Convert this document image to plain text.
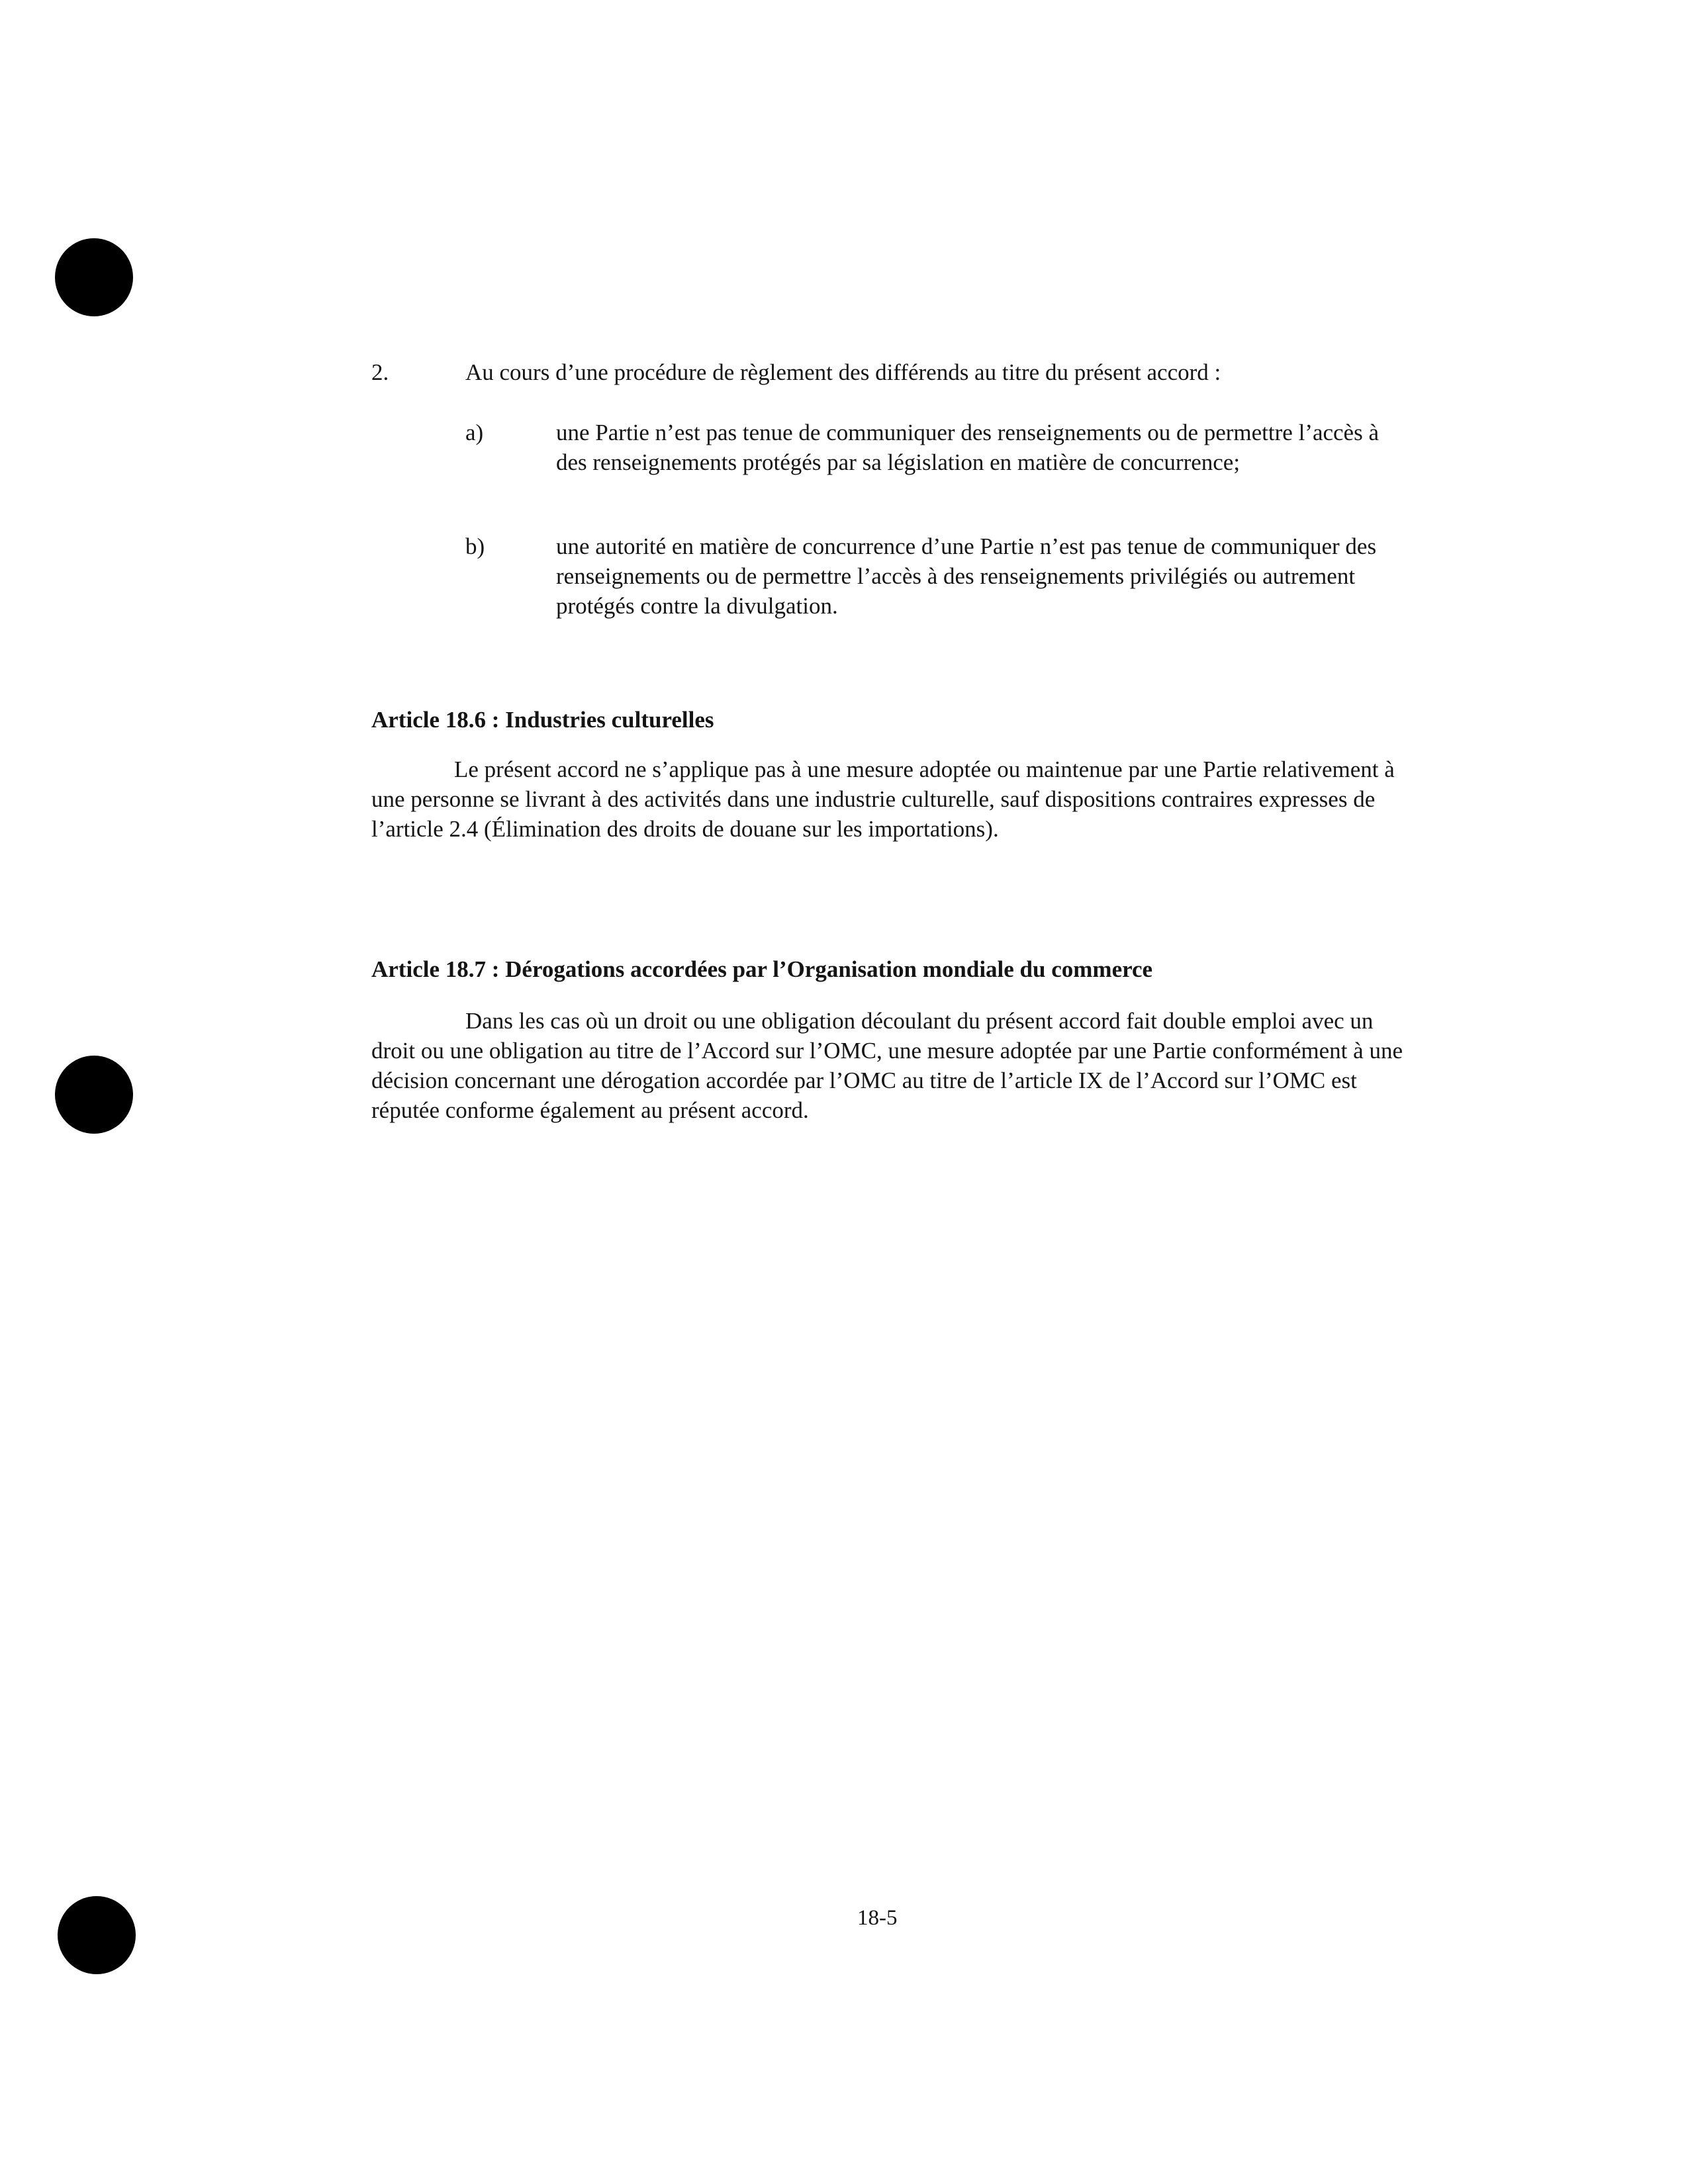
2.	Au cours d’une procédure de règlement des différends au titre du présent accord :
a)	une Partie n’est pas tenue de communiquer des renseignements ou de permettre l’accès à des renseignements protégés par sa législation en matière de concurrence;
b)	une autorité en matière de concurrence d’une Partie n’est pas tenue de communiquer des renseignements ou de permettre l’accès à des renseignements privilégiés ou autrement protégés contre la divulgation.
Article 18.6 : Industries culturelles
Le présent accord ne s’applique pas à une mesure adoptée ou maintenue par une Partie relativement à une personne se livrant à des activités dans une industrie culturelle, sauf dispositions contraires expresses de l’article 2.4 (Élimination des droits de douane sur les importations).
Article 18.7 : Dérogations accordées par l’Organisation mondiale du commerce
Dans les cas où un droit ou une obligation découlant du présent accord fait double emploi avec un droit ou une obligation au titre de l’Accord sur l’OMC, une mesure adoptée par une Partie conformément à une décision concernant une dérogation accordée par l’OMC au titre de l’article IX de l’Accord sur l’OMC est réputée conforme également au présent accord.
18-5
